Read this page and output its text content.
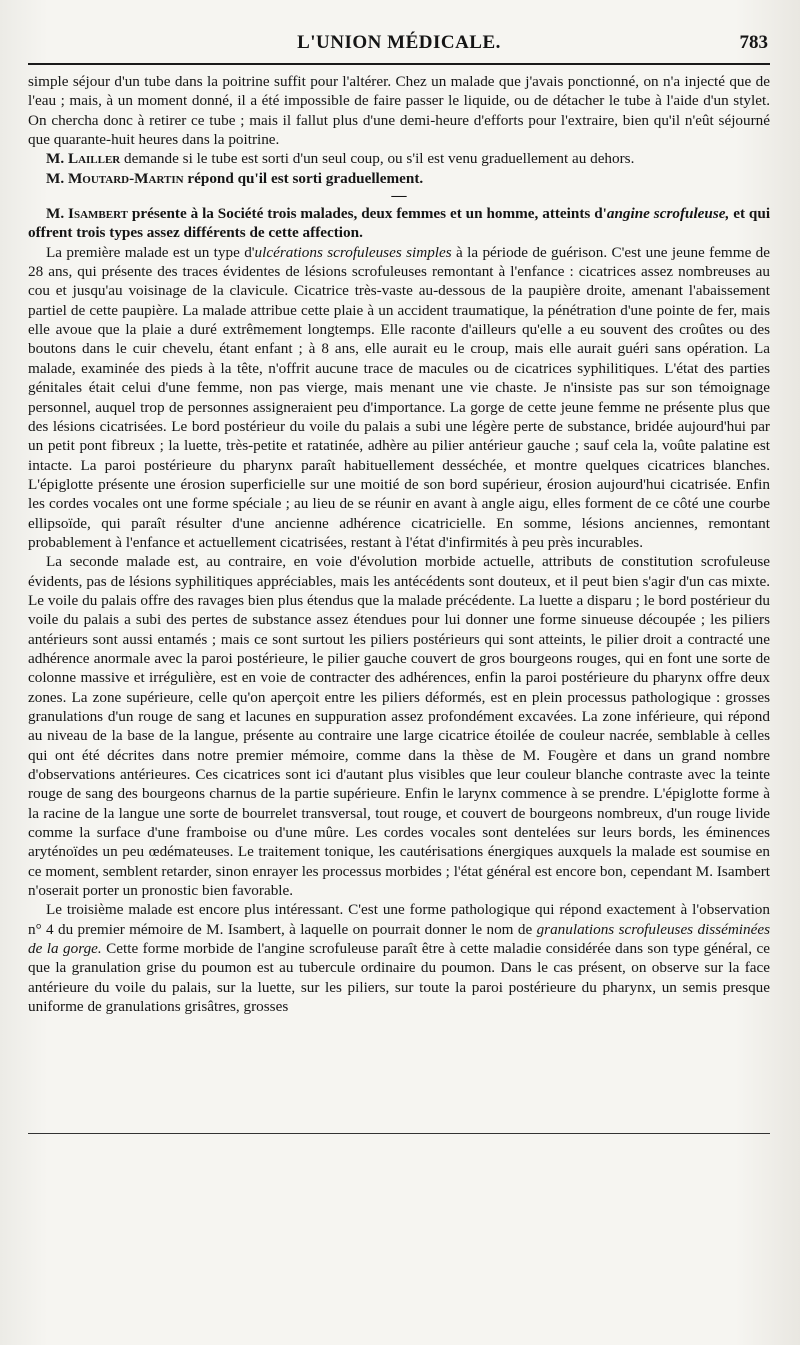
L'UNION MÉDICALE.	783

simple séjour d'un tube dans la poitrine suffit pour l'altérer. Chez un malade que j'avais ponctionné, on n'a injecté que de l'eau ; mais, à un moment donné, il a été impossible de faire passer le liquide, ou de détacher le tube à l'aide d'un stylet. On chercha donc à retirer ce tube ; mais il fallut plus d'une demi-heure d'efforts pour l'extraire, bien qu'il n'eût séjourné que quarante-huit heures dans la poitrine.

M. Lailler demande si le tube est sorti d'un seul coup, ou s'il est venu graduellement au dehors.

M. Moutard-Martin répond qu'il est sorti graduellement.

—

M. Isambert présente à la Société trois malades, deux femmes et un homme, atteints d'angine scrofuleuse, et qui offrent trois types assez différents de cette affection.

La première malade est un type d'ulcérations scrofuleuses simples à la période de guérison. C'est une jeune femme de 28 ans, qui présente des traces évidentes de lésions scrofuleuses remontant à l'enfance : cicatrices assez nombreuses au cou et jusqu'au voisinage de la clavicule. Cicatrice très-vaste au-dessous de la paupière droite, amenant l'abaissement partiel de cette paupière. La malade attribue cette plaie à un accident traumatique, la pénétration d'une pointe de fer, mais elle avoue que la plaie a duré extrêmement longtemps. Elle raconte d'ailleurs qu'elle a eu souvent des croûtes ou des boutons dans le cuir chevelu, étant enfant ; à 8 ans, elle aurait eu le croup, mais elle aurait guéri sans opération. La malade, examinée des pieds à la tête, n'offrit aucune trace de macules ou de cicatrices syphilitiques. L'état des parties génitales était celui d'une femme, non pas vierge, mais menant une vie chaste. Je n'insiste pas sur son témoignage personnel, auquel trop de personnes assigneraient peu d'importance. La gorge de cette jeune femme ne présente plus que des lésions cicatrisées. Le bord postérieur du voile du palais a subi une légère perte de substance, bridée aujourd'hui par un petit pont fibreux ; la luette, très-petite et ratatinée, adhère au pilier antérieur gauche ; sauf cela la, voûte palatine est intacte. La paroi postérieure du pharynx paraît habituellement desséchée, et montre quelques cicatrices blanches. L'épiglotte présente une érosion superficielle sur une moitié de son bord supérieur, érosion aujourd'hui cicatrisée. Enfin les cordes vocales ont une forme spéciale ; au lieu de se réunir en avant à angle aigu, elles forment de ce côté une courbe ellipsoïde, qui paraît résulter d'une ancienne adhérence cicatricielle. En somme, lésions anciennes, remontant probablement à l'enfance et actuellement cicatrisées, restant à l'état d'infirmités à peu près incurables.

La seconde malade est, au contraire, en voie d'évolution morbide actuelle, attributs de constitution scrofuleuse évidents, pas de lésions syphilitiques appréciables, mais les antécédents sont douteux, et il peut bien s'agir d'un cas mixte. Le voile du palais offre des ravages bien plus étendus que la malade précédente. La luette a disparu ; le bord postérieur du voile du palais a subi des pertes de substance assez étendues pour lui donner une forme sinueuse découpée ; les piliers antérieurs sont aussi entamés ; mais ce sont surtout les piliers postérieurs qui sont atteints, le pilier droit a contracté une adhérence anormale avec la paroi postérieure, le pilier gauche couvert de gros bourgeons rouges, qui en font une sorte de colonne massive et irrégulière, est en voie de contracter des adhérences, enfin la paroi postérieure du pharynx offre deux zones. La zone supérieure, celle qu'on aperçoit entre les piliers déformés, est en plein processus pathologique : grosses granulations d'un rouge de sang et lacunes en suppuration assez profondément excavées. La zone inférieure, qui répond au niveau de la base de la langue, présente au contraire une large cicatrice étoilée de couleur nacrée, semblable à celles qui ont été décrites dans notre premier mémoire, comme dans la thèse de M. Fougère et dans un grand nombre d'observations antérieures. Ces cicatrices sont ici d'autant plus visibles que leur couleur blanche contraste avec la teinte rouge de sang des bourgeons charnus de la partie supérieure. Enfin le larynx commence à se prendre. L'épiglotte forme à la racine de la langue une sorte de bourrelet transversal, tout rouge, et couvert de bourgeons nombreux, d'un rouge livide comme la surface d'une framboise ou d'une mûre. Les cordes vocales sont dentelées sur leurs bords, les éminences aryténoïdes un peu œdémateuses. Le traitement tonique, les cautérisations énergiques auxquels la malade est soumise en ce moment, semblent retarder, sinon enrayer les processus morbides ; l'état général est encore bon, cependant M. Isambert n'oserait porter un pronostic bien favorable.

Le troisième malade est encore plus intéressant. C'est une forme pathologique qui répond exactement à l'observation n° 4 du premier mémoire de M. Isambert, à laquelle on pourrait donner le nom de granulations scrofuleuses disséminées de la gorge. Cette forme morbide de l'angine scrofuleuse paraît être à cette maladie considérée dans son type général, ce que la granulation grise du poumon est au tubercule ordinaire du poumon. Dans le cas présent, on observe sur la face antérieure du voile du palais, sur la luette, sur les piliers, sur toute la paroi postérieure du pharynx, un semis presque uniforme de granulations grisâtres, grosses
